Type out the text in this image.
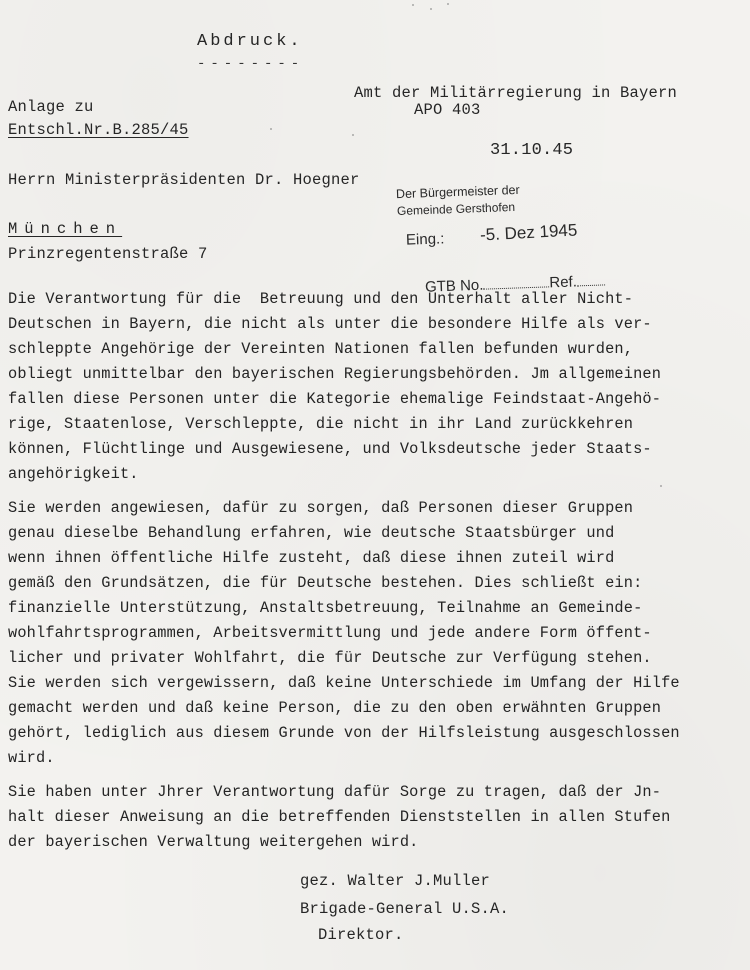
Abdruck.
--------
Amt der Militärregierung in Bayern
APO 403
Anlage zu
Entschl.Nr.B.285/45
31.10.45
Herrn Ministerpräsidenten Dr. Hoegner
München
Prinzregentenstraße 7

Der Bürgermeister der

Gemeinde Gersthofen

Eing.:

-5. Dez 1945

GTB No.	Ref.

Die Verantwortung für die  Betreuung und den Unterhalt aller Nicht-
Deutschen in Bayern, die nicht als unter die besondere Hilfe als ver-
schleppte Angehörige der Vereinten Nationen fallen befunden wurden,
obliegt unmittelbar den bayerischen Regierungsbehörden. Jm allgemeinen
fallen diese Personen unter die Kategorie ehemalige Feindstaat-Angehö-
rige, Staatenlose, Verschleppte, die nicht in ihr Land zurückkehren
können, Flüchtlinge und Ausgewiesene, und Volksdeutsche jeder Staats-
angehörigkeit.
Sie werden angewiesen, dafür zu sorgen, daß Personen dieser Gruppen
genau dieselbe Behandlung erfahren, wie deutsche Staatsbürger und
wenn ihnen öffentliche Hilfe zusteht, daß diese ihnen zuteil wird
gemäß den Grundsätzen, die für Deutsche bestehen. Dies schließt ein:
finanzielle Unterstützung, Anstaltsbetreuung, Teilnahme an Gemeinde-
wohlfahrtsprogrammen, Arbeitsvermittlung und jede andere Form öffent-
licher und privater Wohlfahrt, die für Deutsche zur Verfügung stehen.
Sie werden sich vergewissern, daß keine Unterschiede im Umfang der Hilfe
gemacht werden und daß keine Person, die zu den oben erwähnten Gruppen
gehört, lediglich aus diesem Grunde von der Hilfsleistung ausgeschlossen
wird.
Sie haben unter Jhrer Verantwortung dafür Sorge zu tragen, daß der Jn-
halt dieser Anweisung an die betreffenden Dienststellen in allen Stufen
der bayerischen Verwaltung weitergehen wird.
gez. Walter J.Muller
Brigade-General U.S.A.
Direktor.
